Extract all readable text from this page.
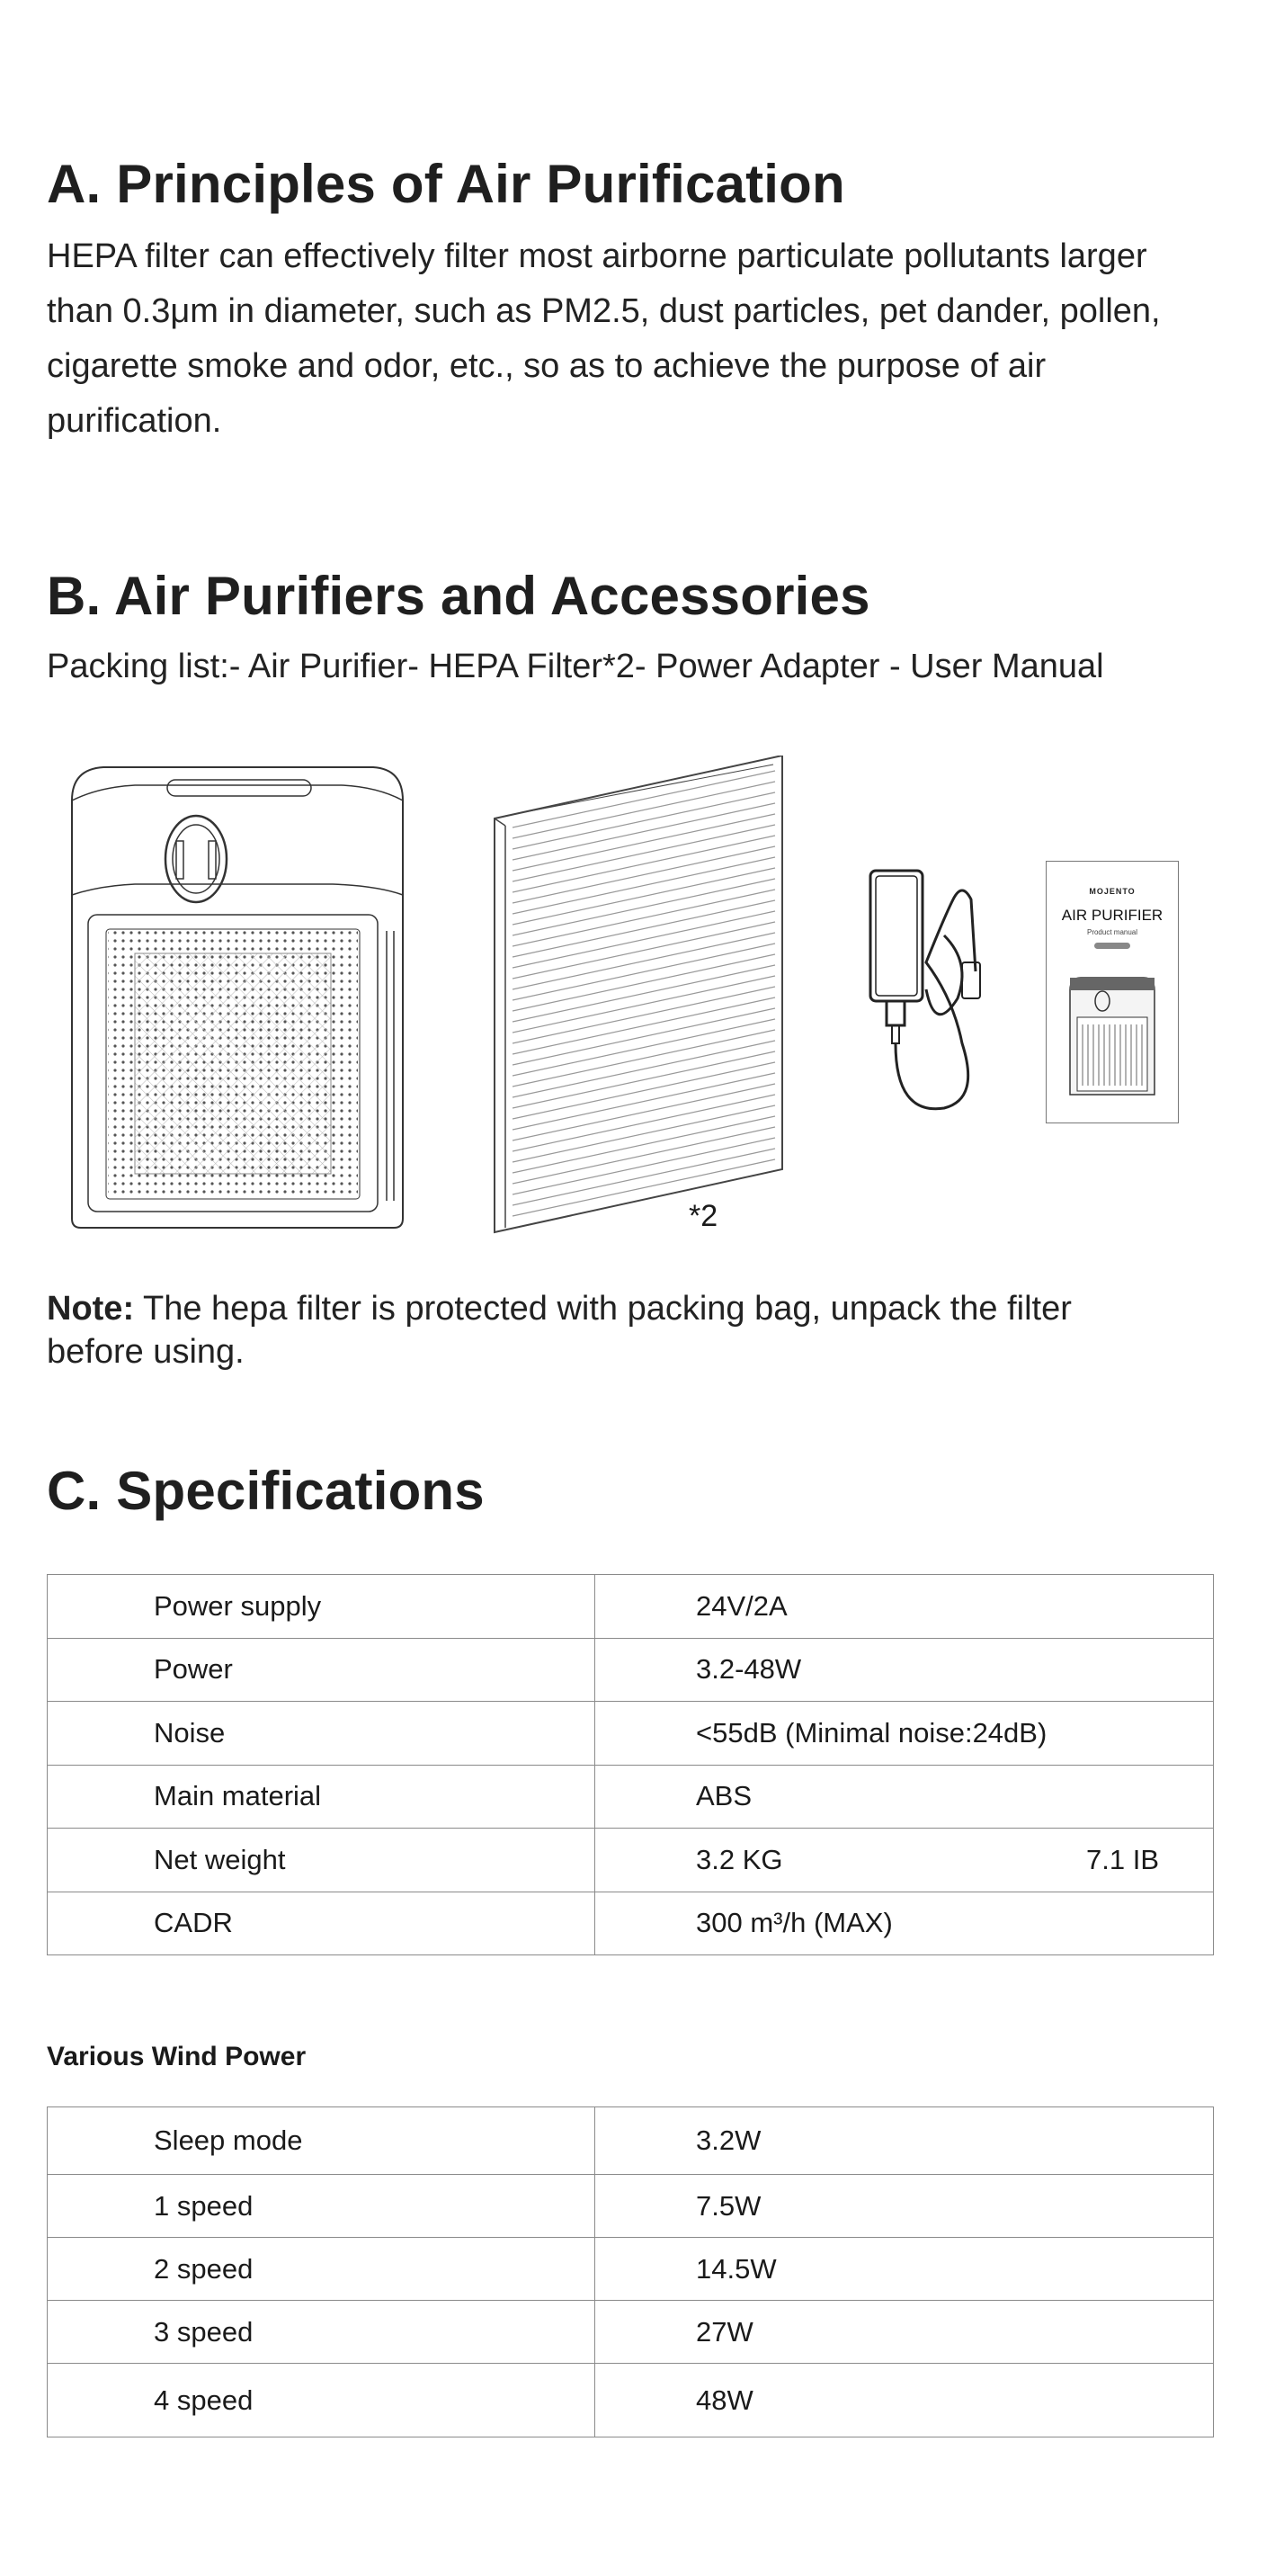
A. Principles of Air Purification
HEPA filter can effectively filter most airborne particulate pollutants larger
than 0.3μm in diameter, such as PM2.5, dust particles, pet dander, pollen,
cigarette smoke and odor, etc., so as to achieve the purpose of air
purification.
B. Air Purifiers and Accessories
Packing list:- Air Purifier- HEPA Filter*2- Power Adapter - User Manual
*2
MOJENTO
AIR PURIFIER
Product manual
Note: The hepa filter is protected with packing bag, unpack the filter
before using.
C. Specifications
Power supply	24V/2A
Power	3.2-48W
Noise	<55dB (Minimal noise:24dB)
Main material	ABS
Net weight	3.2 KG 7.1 IB

CADR	300 m³/h (MAX)
Various Wind Power
Sleep mode	3.2W
1 speed	7.5W
2 speed	14.5W
3 speed	27W
4 speed	48W
